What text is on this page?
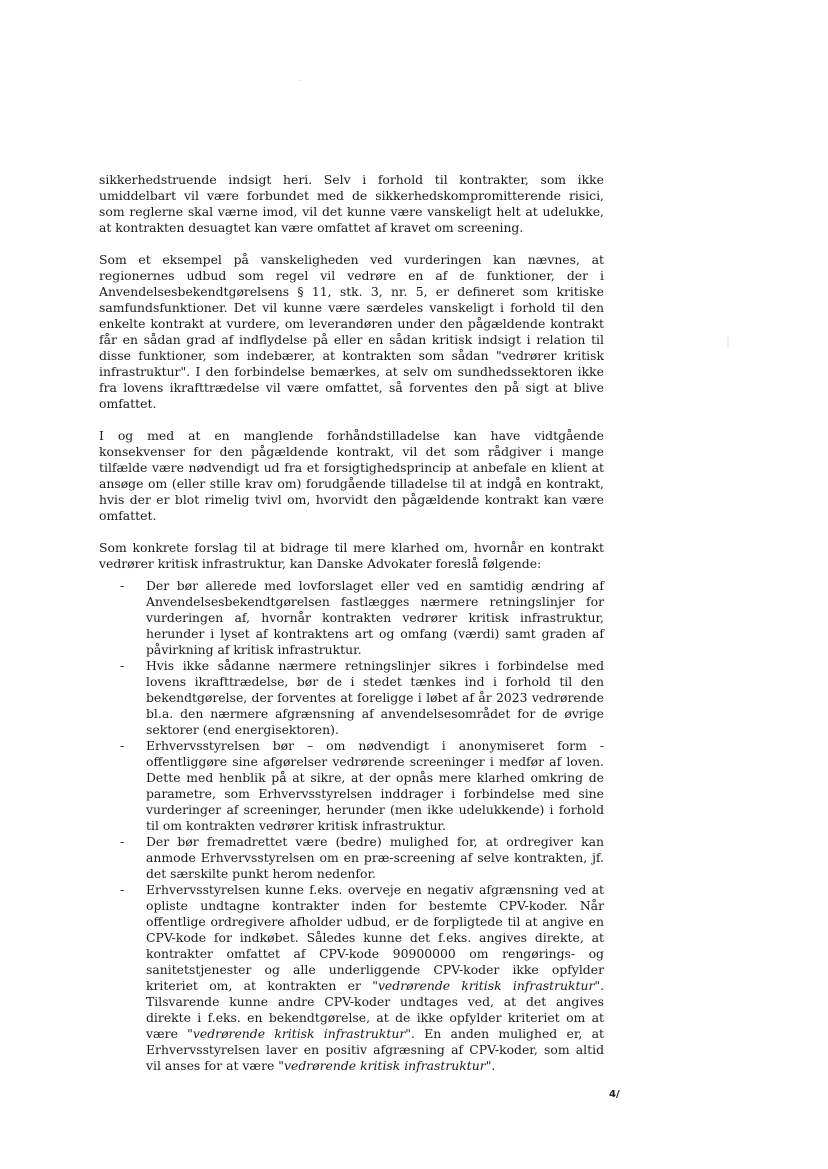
sikkerhedstruende indsigt heri. Selv i forhold til kontrakter, som ikke umiddelbart vil være forbundet med de sikkerhedskompromitterende risici, som reglerne skal værne imod, vil det kunne være vanskeligt helt at udelukke, at kontrakten desuagtet kan være omfattet af kravet om screening.

Som et eksempel på vanskeligheden ved vurderingen kan nævnes, at regionernes udbud som regel vil vedrøre en af de funktioner, der i Anvendelsesbekendtgørelsens § 11, stk. 3, nr. 5, er defineret som kritiske samfundsfunktioner. Det vil kunne være særdeles vanskeligt i forhold til den enkelte kontrakt at vurdere, om leverandøren under den pågældende kontrakt får en sådan grad af indflydelse på eller en sådan kritisk indsigt i relation til disse funktioner, som indebærer, at kontrakten som sådan "vedrører kritisk infrastruktur". I den forbindelse bemærkes, at selv om sundhedssektoren ikke fra lovens ikrafttrædelse vil være omfattet, så forventes den på sigt at blive omfattet.

I og med at en manglende forhåndstilladelse kan have vidtgående konsekvenser for den pågældende kontrakt, vil det som rådgiver i mange tilfælde være nødvendigt ud fra et forsigtighedsprincip at anbefale en klient at ansøge om (eller stille krav om) forudgående tilladelse til at indgå en kontrakt, hvis der er blot rimelig tvivl om, hvorvidt den pågældende kontrakt kan være omfattet.

Som konkrete forslag til at bidrage til mere klarhed om, hvornår en kontrakt vedrører kritisk infrastruktur, kan Danske Advokater foreslå følgende:

- Der bør allerede med lovforslaget eller ved en samtidig ændring af Anvendelsesbekendtgørelsen fastlægges nærmere retningslinjer for vurderingen af, hvornår kontrakten vedrører kritisk infrastruktur, herunder i lyset af kontraktens art og omfang (værdi) samt graden af påvirkning af kritisk infrastruktur.
- Hvis ikke sådanne nærmere retningslinjer sikres i forbindelse med lovens ikrafttrædelse, bør de i stedet tænkes ind i forhold til den bekendtgørelse, der forventes at foreligge i løbet af år 2023 vedrørende bl.a. den nærmere afgrænsning af anvendelsesområdet for de øvrige sektorer (end energisektoren).
- Erhvervsstyrelsen bør – om nødvendigt i anonymiseret form - offentliggøre sine afgørelser vedrørende screeninger i medfør af loven. Dette med henblik på at sikre, at der opnås mere klarhed omkring de parametre, som Erhvervsstyrelsen inddrager i forbindelse med sine vurderinger af screeninger, herunder (men ikke udelukkende) i forhold til om kontrakten vedrører kritisk infrastruktur.
- Der bør fremadrettet være (bedre) mulighed for, at ordregiver kan anmode Erhvervsstyrelsen om en præ-screening af selve kontrakten, jf. det særskilte punkt herom nedenfor.
- Erhvervsstyrelsen kunne f.eks. overveje en negativ afgrænsning ved at opliste undtagne kontrakter inden for bestemte CPV-koder. Når offentlige ordregivere afholder udbud, er de forpligtede til at angive en CPV-kode for indkøbet. Således kunne det f.eks. angives direkte, at kontrakter omfattet af CPV-kode 90900000 om rengørings- og sanitetstjenester og alle underliggende CPV-koder ikke opfylder kriteriet om, at kontrakten er "vedrørende kritisk infrastruktur". Tilsvarende kunne andre CPV-koder undtages ved, at det angives direkte i f.eks. en bekendtgørelse, at de ikke opfylder kriteriet om at være "vedrørende kritisk infrastruktur". En anden mulighed er, at Erhvervsstyrelsen laver en positiv afgræsning af CPV-koder, som altid vil anses for at være "vedrørende kritisk infrastruktur".
4/
